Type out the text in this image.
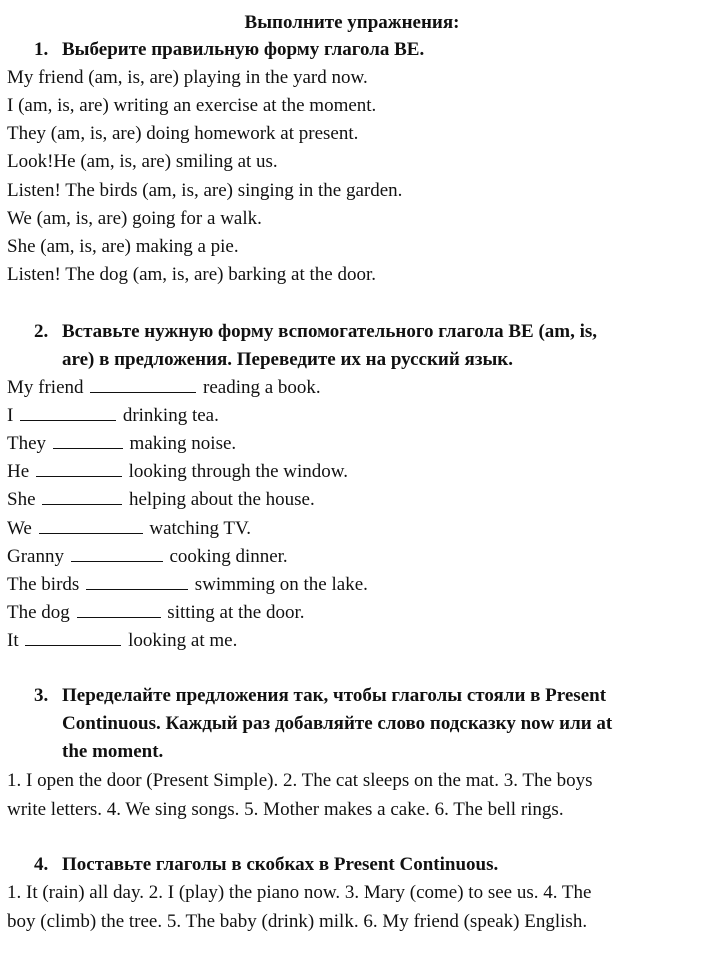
Выполните упражнения:
1. Выберите правильную форму глагола BE.
My friend (am, is, are) playing in the yard now.
I (am, is, are) writing an exercise at the moment.
They (am, is, are) doing homework at present.
Look!He (am, is, are) smiling at us.
Listen! The birds (am, is, are) singing in the garden.
We (am, is, are) going for a walk.
She (am, is, are) making a pie.
Listen! The dog (am, is, are) barking at the door.
2. Вставьте нужную форму вспомогательного глагола BE (am, is,
are) в предложения. Переведите их на русский язык.
My friend	reading a book.
I	drinking tea.
They	making noise.
He	looking through the window.
She	helping about the house.
We	watching TV.
Granny	cooking dinner.
The birds	swimming on the lake.
The dog	sitting at the door.
It	looking at me.
3. Переделайте предложения так, чтобы глаголы стояли в Present
Continuous. Каждый раз добавляйте слово подсказку now или at
the moment.
1. I open the door (Present Simple). 2. The cat sleeps on the mat. 3. The boys
write letters. 4. We sing songs. 5. Mother makes a cake. 6. The bell rings.
4. Поставьте глаголы в скобках в Present Continuous.
1. It (rain) all day. 2. I (play) the piano now. 3. Mary (come) to see us. 4. The
boy (climb) the tree. 5. The baby (drink) milk. 6. My friend (speak) English.
